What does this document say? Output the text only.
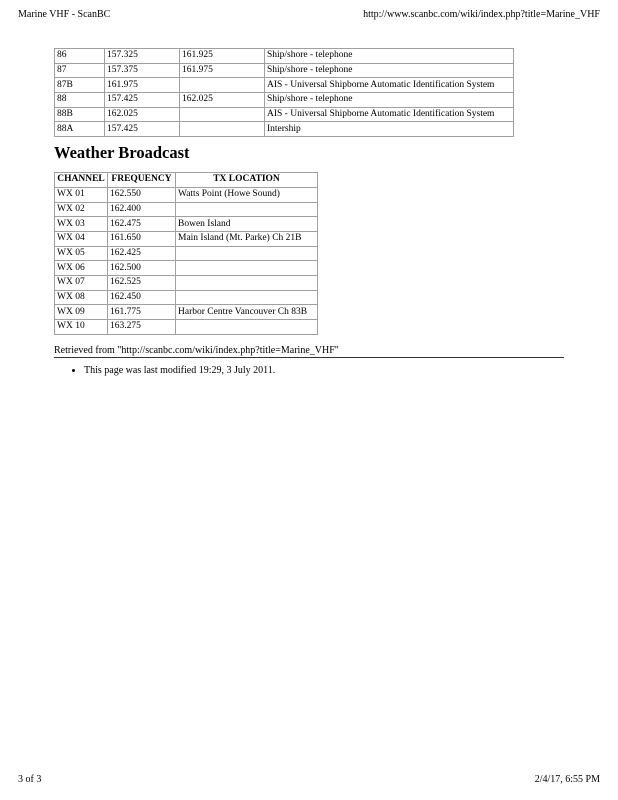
Marine VHF - ScanBC	http://www.scanbc.com/wiki/index.php?title=Marine_VHF
86	157.325	161.925	Ship/shore - telephone
87	157.375	161.975	Ship/shore - telephone
87B	161.975		AIS - Universal Shipborne Automatic Identification System
88	157.425	162.025	Ship/shore - telephone
88B	162.025		AIS - Universal Shipborne Automatic Identification System
88A	157.425		Intership
Weather Broadcast
CHANNEL	FREQUENCY	TX LOCATION
WX 01	162.550	Watts Point (Howe Sound)
WX 02	162.400	
WX 03	162.475	Bowen Island
WX 04	161.650	Main Island (Mt. Parke) Ch 21B
WX 05	162.425	
WX 06	162.500	
WX 07	162.525	
WX 08	162.450	
WX 09	161.775	Harbor Centre Vancouver Ch 83B
WX 10	163.275	
Retrieved from "http://scanbc.com/wiki/index.php?title=Marine_VHF"
• This page was last modified 19:29, 3 July 2011.
3 of 3	2/4/17, 6:55 PM
